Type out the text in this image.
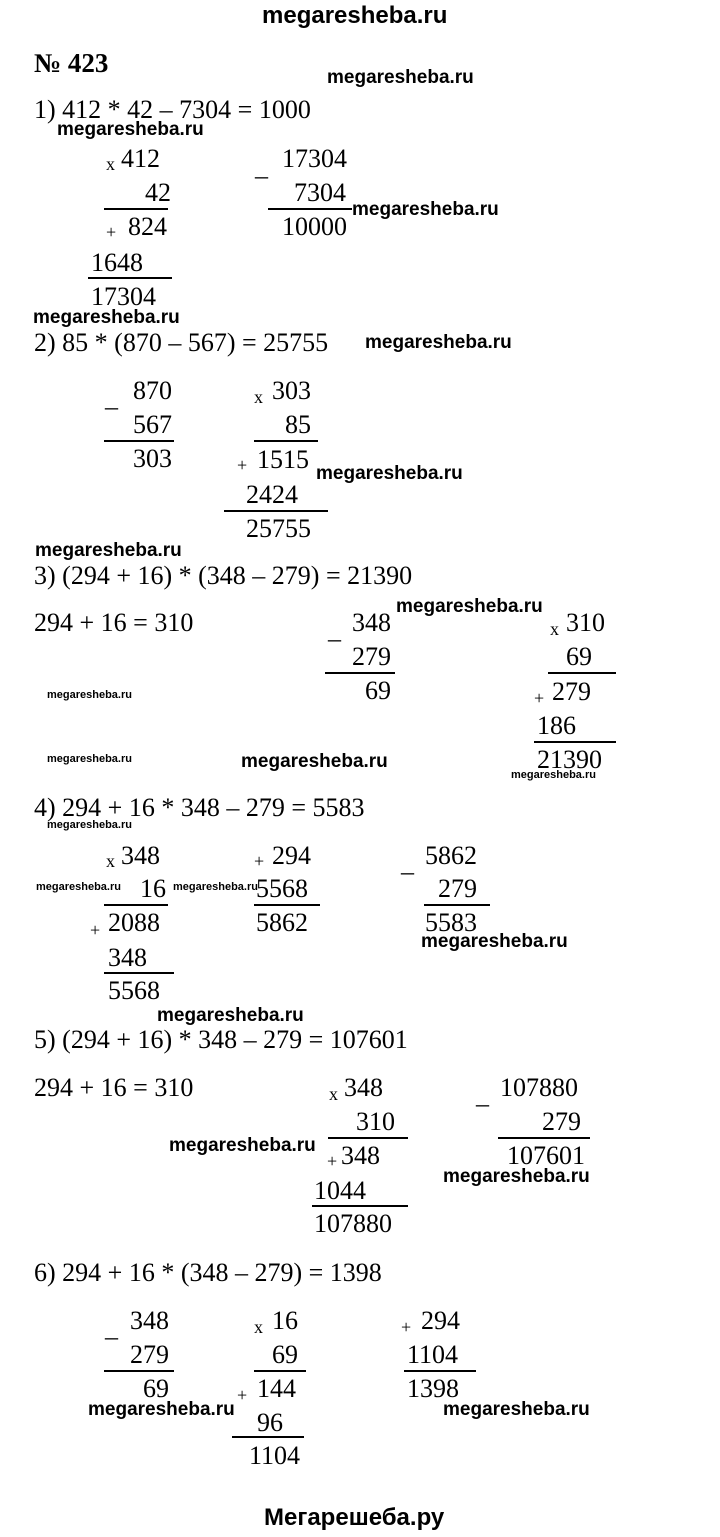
megaresheba.ru
№ 423	megaresheba.ru
megaresheba.ru
megaresheba.ru
megaresheba.ru
megaresheba.ru
megaresheba.ru
megaresheba.ru
megaresheba.ru
megaresheba.ru
megaresheba.ru	megaresheba.ru
megaresheba.ru
megaresheba.ru
megaresheba.ru	megaresheba.ru
megaresheba.ru
megaresheba.ru
megaresheba.ru
megaresheba.ru
megaresheba.ru	megaresheba.ru
1) 412 * 42 – 7304 = 1000
x 412
42
+ 824
1648
17304
_ 17304
7304
10000
2) 85 * (870 – 567) = 25755
_ 870
567
303
x 303
85
+ 1515
2424
25755
3) (294 + 16) * (348 – 279) = 21390
294 + 16 = 310	_ 348
279
69
x 310
69
+ 279
186
21390
4) 294 + 16 * 348 – 279 = 5583
x 348
16
+ 2088
348
5568
+ 294
5568
5862
_ 5862
279
5583
5) (294 + 16) * 348 – 279 = 107601
294 + 16 = 310	x 348
310
+ 348
1044
107880
_ 107880
279
107601
6) 294 + 16 * (348 – 279) = 1398
_ 348
279
69
x 16
69
+ 144
96
1104
+ 294
1104
1398
Мегарешеба.ру
